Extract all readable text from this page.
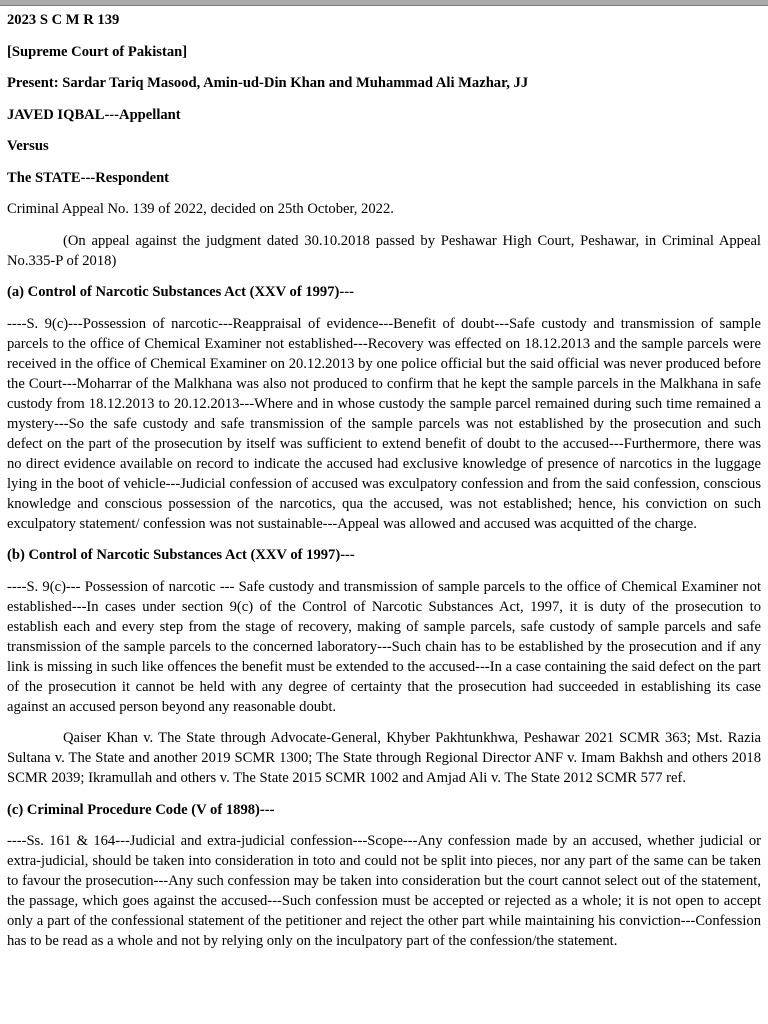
2023 S C M R 139

[Supreme Court of Pakistan]

Present: Sardar Tariq Masood, Amin-ud-Din Khan and Muhammad Ali Mazhar, JJ

JAVED IQBAL---Appellant

Versus

The STATE---Respondent

Criminal Appeal No. 139 of 2022, decided on 25th October, 2022.

(On appeal against the judgment dated 30.10.2018 passed by Peshawar High Court, Peshawar, in Criminal Appeal No.335-P of 2018)

(a) Control of Narcotic Substances Act (XXV of 1997)---

----S. 9(c)---Possession of narcotic---Reappraisal of evidence---Benefit of doubt---Safe custody and transmission of sample parcels to the office of Chemical Examiner not established---Recovery was effected on 18.12.2013 and the sample parcels were received in the office of Chemical Examiner on 20.12.2013 by one police official but the said official was never produced before the Court---Moharrar of the Malkhana was also not produced to confirm that he kept the sample parcels in the Malkhana in safe custody from 18.12.2013 to 20.12.2013---Where and in whose custody the sample parcel remained during such time remained a mystery---So the safe custody and safe transmission of the sample parcels was not established by the prosecution and such defect on the part of the prosecution by itself was sufficient to extend benefit of doubt to the accused---Furthermore, there was no direct evidence available on record to indicate the accused had exclusive knowledge of presence of narcotics in the luggage lying in the boot of vehicle---Judicial confession of accused was exculpatory confession and from the said confession, conscious knowledge and conscious possession of the narcotics, qua the accused, was not established; hence, his conviction on such exculpatory statement/ confession was not sustainable---Appeal was allowed and accused was acquitted of the charge.

(b) Control of Narcotic Substances Act (XXV of 1997)---

----S. 9(c)--- Possession of narcotic --- Safe custody and transmission of sample parcels to the office of Chemical Examiner not established---In cases under section 9(c) of the Control of Narcotic Substances Act, 1997, it is duty of the prosecution to establish each and every step from the stage of recovery, making of sample parcels, safe custody of sample parcels and safe transmission of the sample parcels to the concerned laboratory---Such chain has to be established by the prosecution and if any link is missing in such like offences the benefit must be extended to the accused---In a case containing the said defect on the part of the prosecution it cannot be held with any degree of certainty that the prosecution had succeeded in establishing its case against an accused person beyond any reasonable doubt.

Qaiser Khan v. The State through Advocate-General, Khyber Pakhtunkhwa, Peshawar 2021 SCMR 363; Mst. Razia Sultana v. The State and another 2019 SCMR 1300; The State through Regional Director ANF v. Imam Bakhsh and others 2018 SCMR 2039; Ikramullah and others v. The State 2015 SCMR 1002 and Amjad Ali v. The State 2012 SCMR 577 ref.

(c) Criminal Procedure Code (V of 1898)---

----Ss. 161 & 164---Judicial and extra-judicial confession---Scope---Any confession made by an accused, whether judicial or extra-judicial, should be taken into consideration in toto and could not be split into pieces, nor any part of the same can be taken to favour the prosecution---Any such confession may be taken into consideration but the court cannot select out of the statement, the passage, which goes against the accused---Such confession must be accepted or rejected as a whole; it is not open to accept only a part of the confessional statement of the petitioner and reject the other part while maintaining his conviction---Confession has to be read as a whole and not by relying only on the inculpatory part of the confession/the statement.
